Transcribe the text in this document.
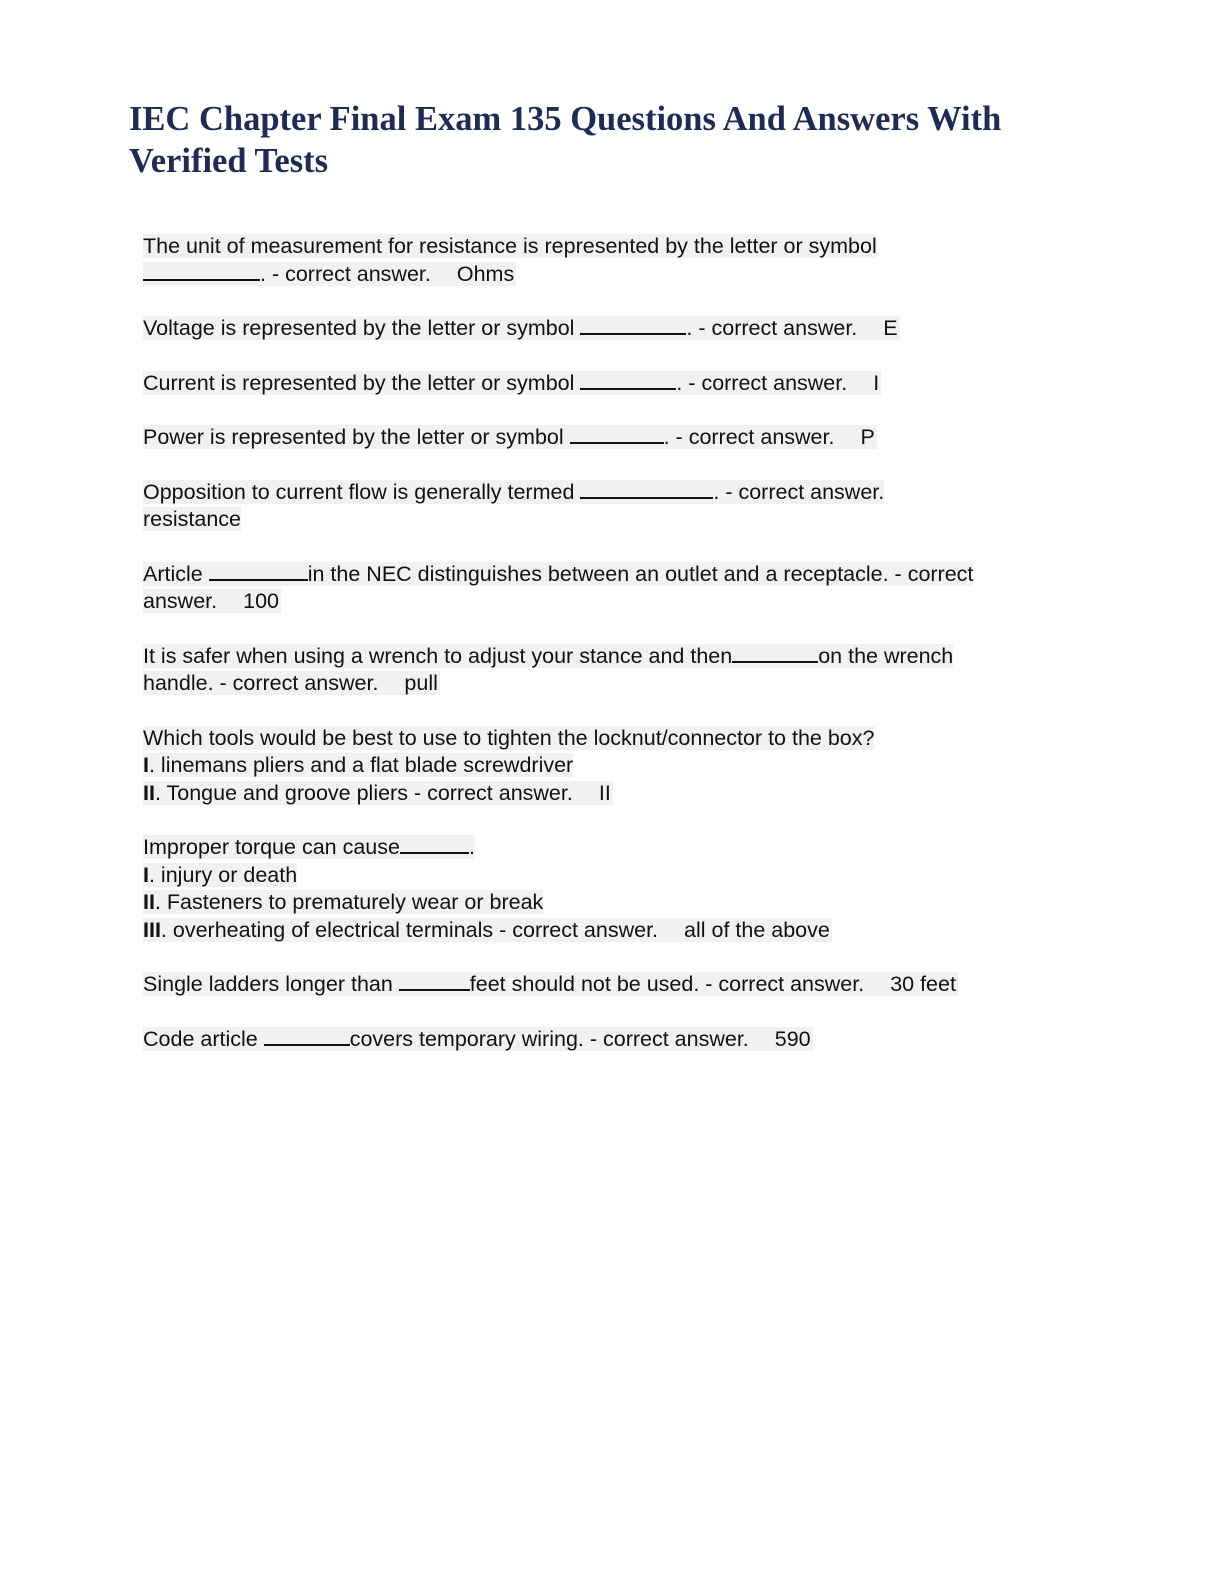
IEC Chapter Final Exam 135 Questions And Answers With Verified Tests
The unit of measurement for resistance is represented by the letter or symbol
. - correct answer. Ohms
Voltage is represented by the letter or symbol	. - correct answer. E
Current is represented by the letter or symbol	. - correct answer. I
Power is represented by the letter or symbol	. - correct answer. P
Opposition to current flow is generally termed	. - correct answer.
resistance
Article	in the NEC distinguishes between an outlet and a receptacle. - correct
answer. 100
It is safer when using a wrench to adjust your stance and then	on the wrench
handle. - correct answer. pull
Which tools would be best to use to tighten the locknut/connector to the box?
I. linemans pliers and a flat blade screwdriver
II. Tongue and groove pliers - correct answer. II
Improper torque can cause	.
I. injury or death
II. Fasteners to prematurely wear or break
III. overheating of electrical terminals - correct answer. all of the above
Single ladders longer than	feet should not be used. - correct answer. 30 feet
Code article	covers temporary wiring. - correct answer. 590
